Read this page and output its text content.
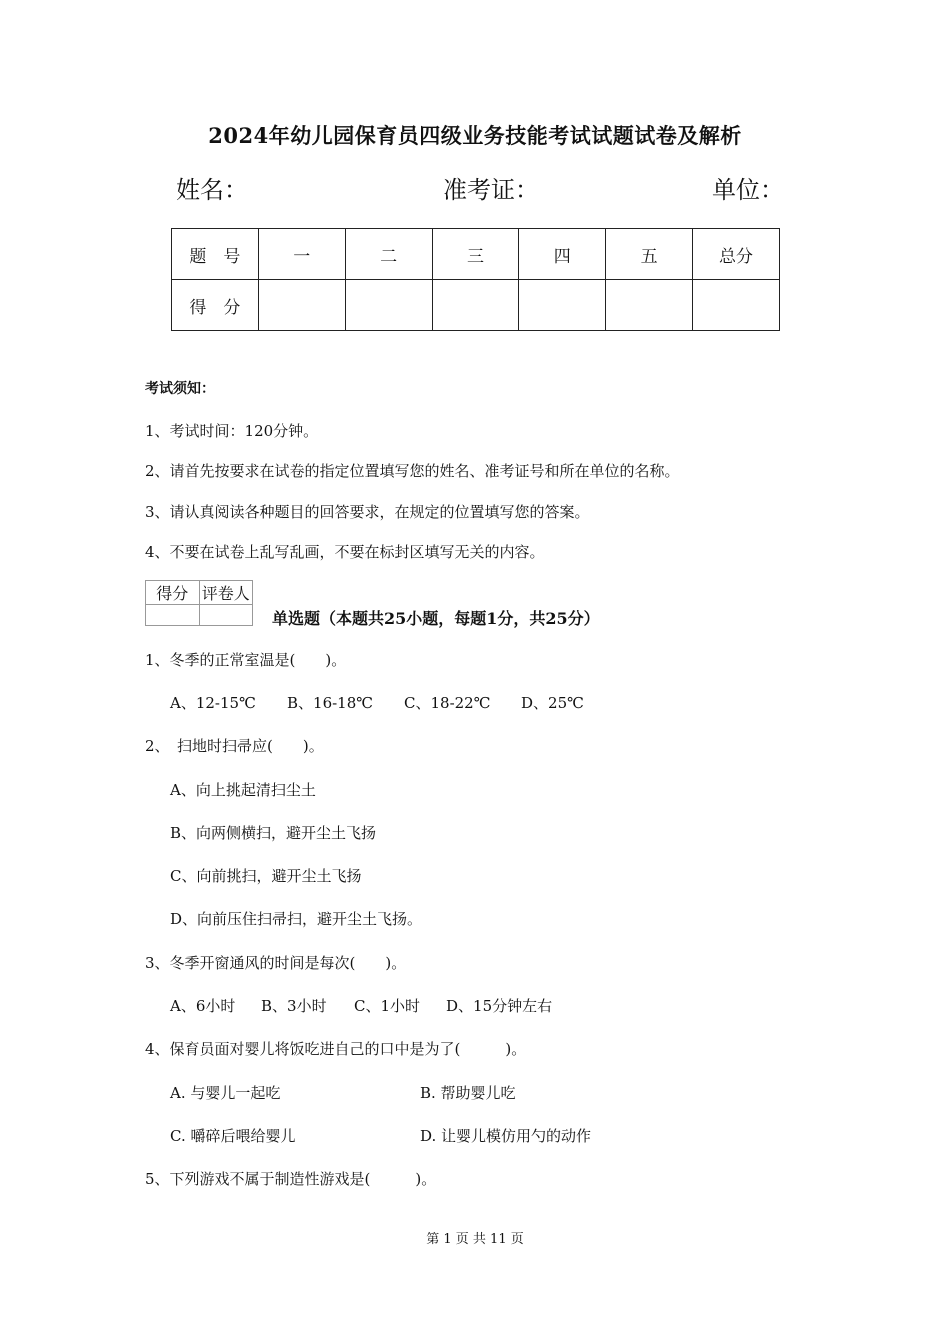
2024年幼儿园保育员四级业务技能考试试题试卷及解析
姓名：	准考证：	单位：
题　号	一	二	三	四	五	总分
得　分						
考试须知：
1、考试时间：120分钟。
2、请首先按要求在试卷的指定位置填写您的姓名、准考证号和所在单位的名称。
3、请认真阅读各种题目的回答要求，在规定的位置填写您的答案。
4、不要在试卷上乱写乱画，不要在标封区填写无关的内容。
得分	评卷人

单选题（本题共25小题，每题1分，共25分）
1、冬季的正常室温是(　　)。
A、12-15℃ B、16-18℃ C、18-22℃ D、25℃
2、　扫地时扫帚应(　　)。
A、向上挑起清扫尘土
B、向两侧横扫，避开尘土飞扬
C、向前挑扫，避开尘土飞扬
D、向前压住扫帚扫，避开尘土飞扬。
3、冬季开窗通风的时间是每次(　　)。
A、6小时 B、3小时 C、1小时 D、15分钟左右
4、保育员面对婴儿将饭吃进自己的口中是为了(　　　)。
A. 与婴儿一起吃	B. 帮助婴儿吃
C. 嚼碎后喂给婴儿	D. 让婴儿模仿用勺的动作
5、下列游戏不属于制造性游戏是(　　　)。
第 1 页 共 11 页
